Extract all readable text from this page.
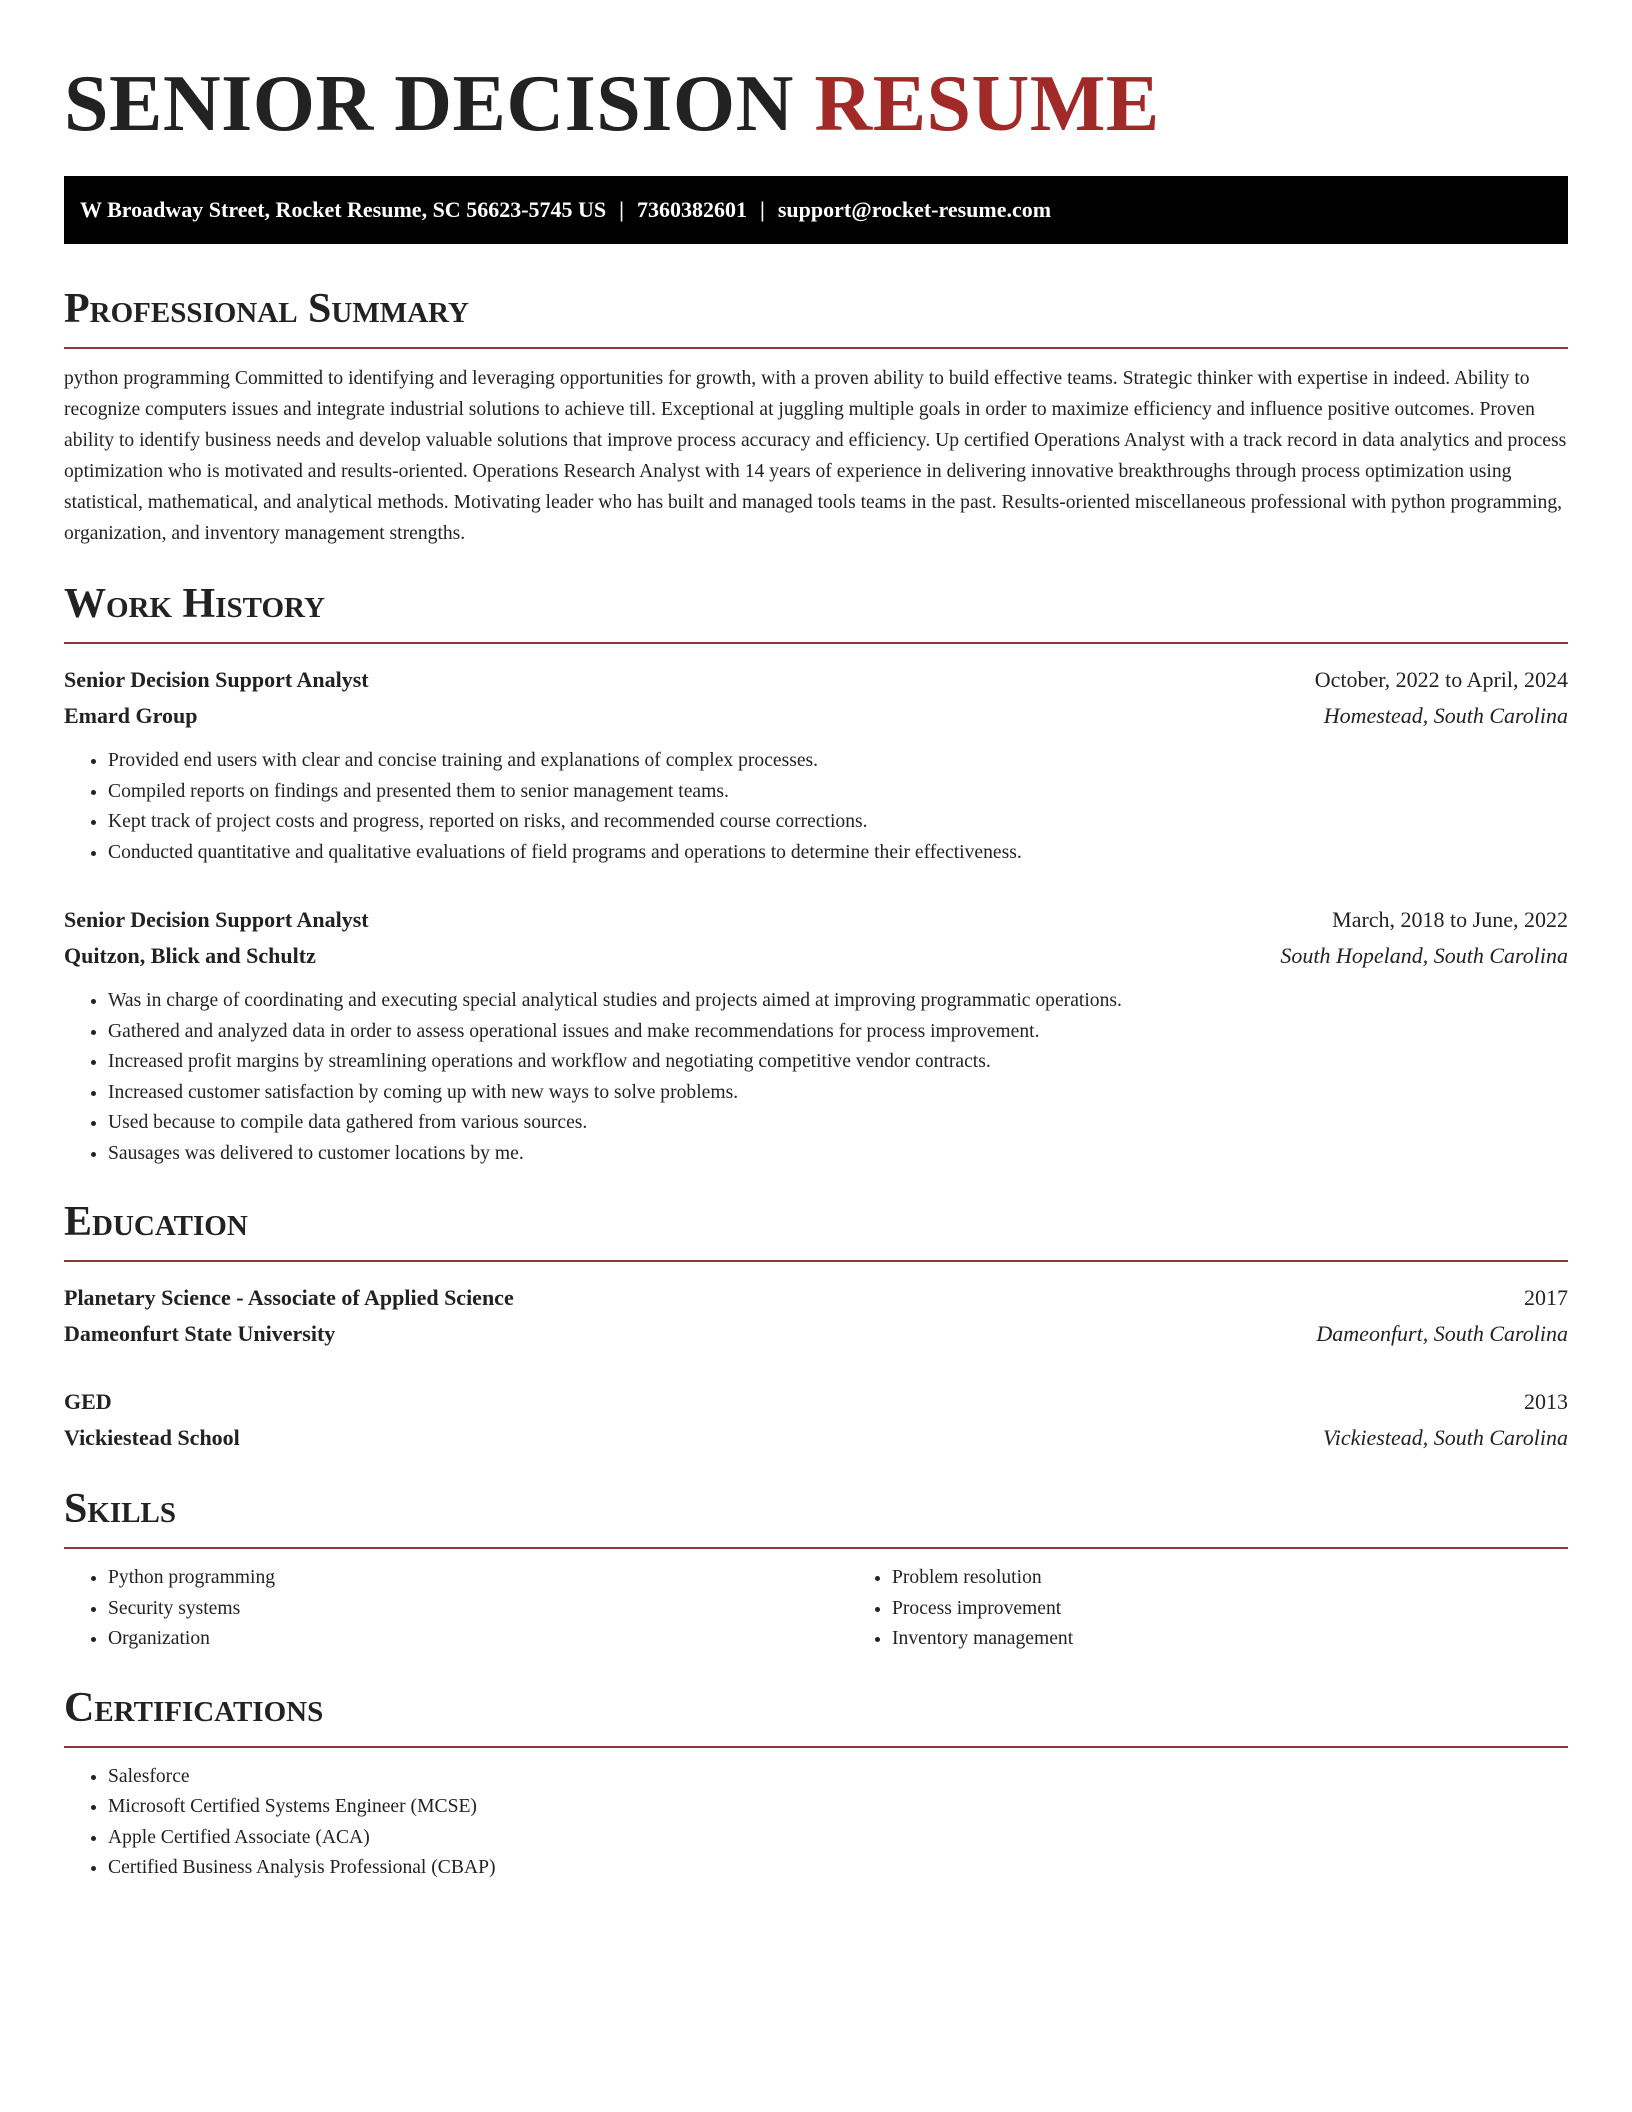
SENIOR DECISION RESUME
W Broadway Street, Rocket Resume, SC 56623-5745 US | 7360382601 | support@rocket-resume.com
Professional Summary

python programming Committed to identifying and leveraging opportunities for growth, with a proven ability to build effective teams. Strategic thinker with expertise in indeed. Ability to recognize computers issues and integrate industrial solutions to achieve till. Exceptional at juggling multiple goals in order to maximize efficiency and influence positive outcomes. Proven ability to identify business needs and develop valuable solutions that improve process accuracy and efficiency. Up certified Operations Analyst with a track record in data analytics and process optimization who is motivated and results-oriented. Operations Research Analyst with 14 years of experience in delivering innovative breakthroughs through process optimization using statistical, mathematical, and analytical methods. Motivating leader who has built and managed tools teams in the past. Results-oriented miscellaneous professional with python programming, organization, and inventory management strengths.

Work History
Senior Decision Support Analyst	October, 2022 to April, 2024
Emard Group	Homestead, South Carolina
• Provided end users with clear and concise training and explanations of complex processes.
• Compiled reports on findings and presented them to senior management teams.
• Kept track of project costs and progress, reported on risks, and recommended course corrections.
• Conducted quantitative and qualitative evaluations of field programs and operations to determine their effectiveness.
Senior Decision Support Analyst	March, 2018 to June, 2022
Quitzon, Blick and Schultz	South Hopeland, South Carolina
• Was in charge of coordinating and executing special analytical studies and projects aimed at improving programmatic operations.
• Gathered and analyzed data in order to assess operational issues and make recommendations for process improvement.
• Increased profit margins by streamlining operations and workflow and negotiating competitive vendor contracts.
• Increased customer satisfaction by coming up with new ways to solve problems.
• Used because to compile data gathered from various sources.
• Sausages was delivered to customer locations by me.
Education
Planetary Science - Associate of Applied Science	2017
Dameonfurt State University	Dameonfurt, South Carolina
GED	2013
Vickiestead School	Vickiestead, South Carolina
Skills
• Python programming
• Security systems
• Organization
• Problem resolution
• Process improvement
• Inventory management
Certifications
• Salesforce
• Microsoft Certified Systems Engineer (MCSE)
• Apple Certified Associate (ACA)
• Certified Business Analysis Professional (CBAP)
